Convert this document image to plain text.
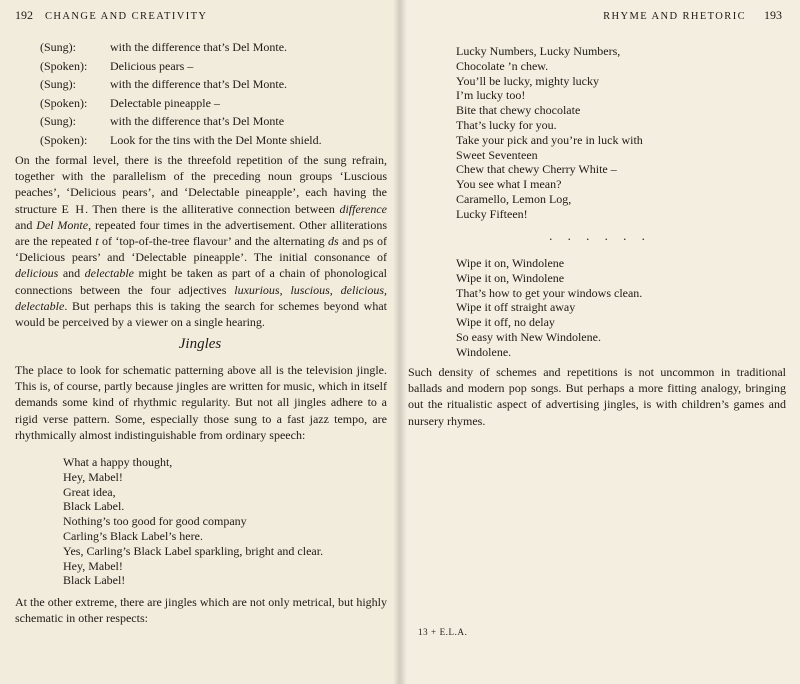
192 CHANGE AND CREATIVITY
(Sung):	with the difference that’s Del Monte.
(Spoken): Delicious pears –
(Sung):	with the difference that’s Del Monte.
(Spoken): Delectable pineapple –
(Sung):	with the difference that’s Del Monte
(Spoken): Look for the tins with the Del Monte shield.
On the formal level, there is the threefold repetition of the sung refrain, together with the parallelism of the preceding noun groups ‘Luscious peaches’, ‘Delicious pears’, and ‘Delectable pineapple’, each having the structure E H. Then there is the alliterative connection between difference and Del Monte, repeated four times in the advertisement. Other alliterations are the repeated t of ‘top-of-the-tree flavour’ and the alternating ds and ps of ‘Delicious pears’ and ‘Delectable pineapple’. The initial consonance of delicious and delectable might be taken as part of a chain of phonological connections between the four adjectives luxurious, luscious, delicious, delectable. But perhaps this is taking the search for schemes beyond what would be perceived by a viewer on a single hearing.
Jingles
The place to look for schematic patterning above all is the television jingle. This is, of course, partly because jingles are written for music, which in itself demands some kind of rhythmic regularity. But not all jingles adhere to a rigid verse pattern. Some, especially those sung to a fast jazz tempo, are rhythmically almost indistinguishable from ordinary speech:
What a happy thought,
Hey, Mabel!
Great idea,
Black Label.
Nothing’s too good for good company
Carling’s Black Label’s here.
Yes, Carling’s Black Label sparkling, bright and clear.
Hey, Mabel!
Black Label!
At the other extreme, there are jingles which are not only metrical, but highly schematic in other respects:
RHYME AND RHETORIC 193
Lucky Numbers, Lucky Numbers,
Chocolate ’n chew.
You’ll be lucky, mighty lucky
I’m lucky too!
Bite that chewy chocolate
That’s lucky for you.
Take your pick and you’re in luck with
Sweet Seventeen
Chew that chewy Cherry White –
You see what I mean?
Caramello, Lemon Log,
Lucky Fifteen!
. . . . . .
Wipe it on, Windolene
Wipe it on, Windolene
That’s how to get your windows clean.
Wipe it off straight away
Wipe it off, no delay
So easy with New Windolene.
Windolene.
Such density of schemes and repetitions is not uncommon in traditional ballads and modern pop songs. But perhaps a more fitting analogy, bringing out the ritualistic aspect of advertising jingles, is with children’s games and nursery rhymes.
13 + E.L.A.
